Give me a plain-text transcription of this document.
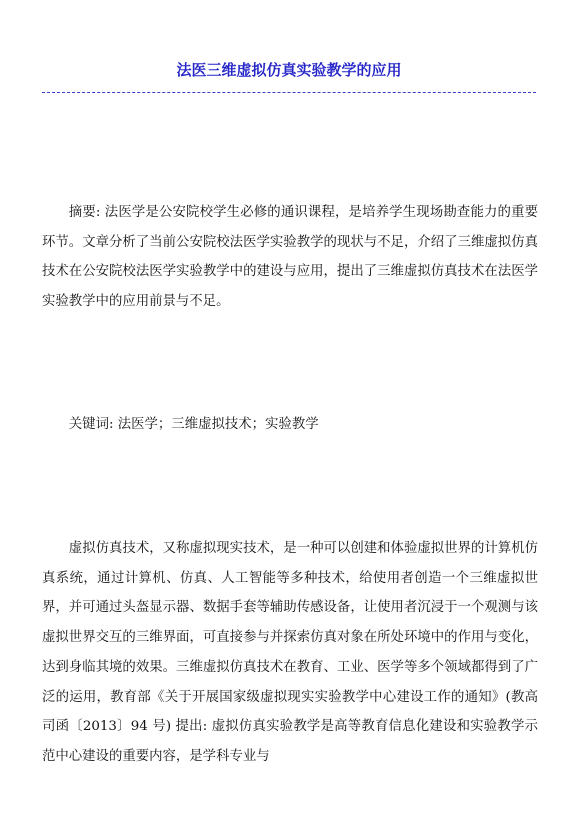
法医三维虚拟仿真实验教学的应用

摘要: 法医学是公安院校学生必修的通识课程，是培养学生现场勘查能力的重要环节。文章分析了当前公安院校法医学实验教学的现状与不足，介绍了三维虚拟仿真技术在公安院校法医学实验教学中的建设与应用，提出了三维虚拟仿真技术在法医学实验教学中的应用前景与不足。

关键词: 法医学；三维虚拟技术；实验教学

虚拟仿真技术，又称虚拟现实技术，是一种可以创建和体验虚拟世界的计算机仿真系统，通过计算机、仿真、人工智能等多种技术，给使用者创造一个三维虚拟世界，并可通过头盔显示器、数据手套等辅助传感设备，让使用者沉浸于一个观测与该虚拟世界交互的三维界面，可直接参与并探索仿真对象在所处环境中的作用与变化，达到身临其境的效果。三维虚拟仿真技术在教育、工业、医学等多个领域都得到了广泛的运用，教育部《关于开展国家级虚拟现实实验教学中心建设工作的通知》(教高司函〔2013〕94 号) 提出: 虚拟仿真实验教学是高等教育信息化建设和实验教学示范中心建设的重要内容，是学科专业与
